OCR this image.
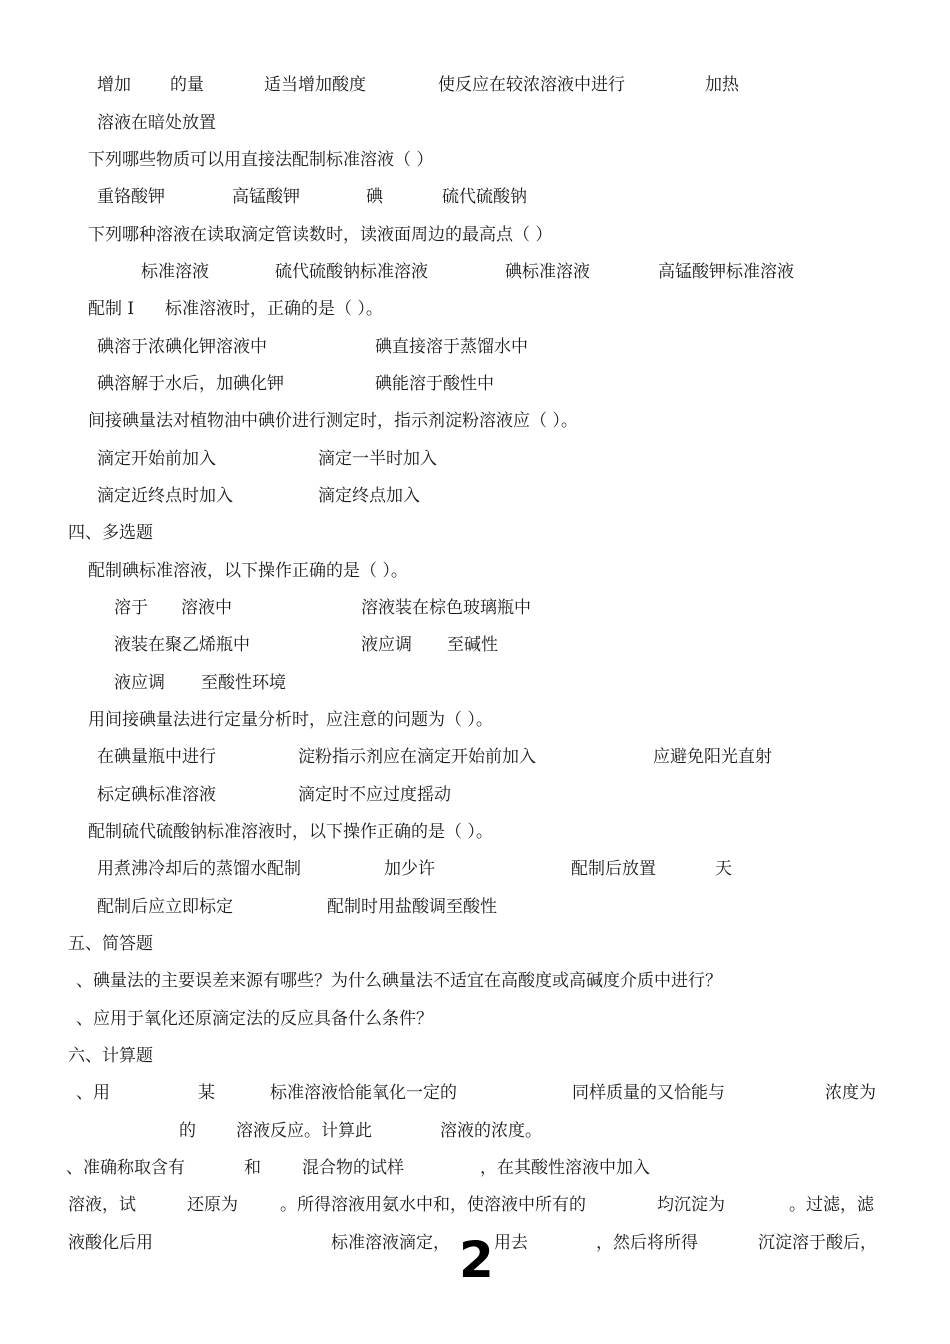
增加 的量	适当增加酸度	使反应在较浓溶液中进行	加热
溶液在暗处放置
下列哪些物质可以用直接法配制标准溶液（ ）
重铬酸钾	高锰酸钾	碘	硫代硫酸钠
下列哪种溶液在读取滴定管读数时，读液面周边的最高点（ ）
标准溶液	硫代硫酸钠标准溶液	碘标准溶液	高锰酸钾标准溶液
配制 I 标准溶液时，正确的是（ ）。
碘溶于浓碘化钾溶液中	碘直接溶于蒸馏水中
碘溶解于水后，加碘化钾	碘能溶于酸性中
间接碘量法对植物油中碘价进行测定时，指示剂淀粉溶液应（ ）。
滴定开始前加入	滴定一半时加入
滴定近终点时加入	滴定终点加入
四、多选题
配制碘标准溶液，以下操作正确的是（ ）。
溶于 溶液中	溶液装在棕色玻璃瓶中
液装在聚乙烯瓶中	液应调 至碱性
液应调 至酸性环境
用间接碘量法进行定量分析时，应注意的问题为（ ）。
在碘量瓶中进行	淀粉指示剂应在滴定开始前加入	应避免阳光直射
标定碘标准溶液	滴定时不应过度摇动
配制硫代硫酸钠标准溶液时，以下操作正确的是（ ）。
用煮沸冷却后的蒸馏水配制	加少许	配制后放置	天
配制后应立即标定	配制时用盐酸调至酸性
五、简答题
、碘量法的主要误差来源有哪些？为什么碘量法不适宜在高酸度或高碱度介质中进行？
、应用于氧化还原滴定法的反应具备什么条件？
六、计算题
、用	某	标准溶液恰能氧化一定的	同样质量的又恰能与	浓度为
的 溶液反应。计算此	溶液的浓度。
、准确称取含有	和 混合物的试样	，在其酸性溶液中加入
溶液，试	还原为 。所得溶液用氨水中和，使溶液中所有的	均沉淀为	。过滤，滤
液酸化后用	标准溶液滴定，	用去	，然后将所得	沉淀溶于酸后，
2
